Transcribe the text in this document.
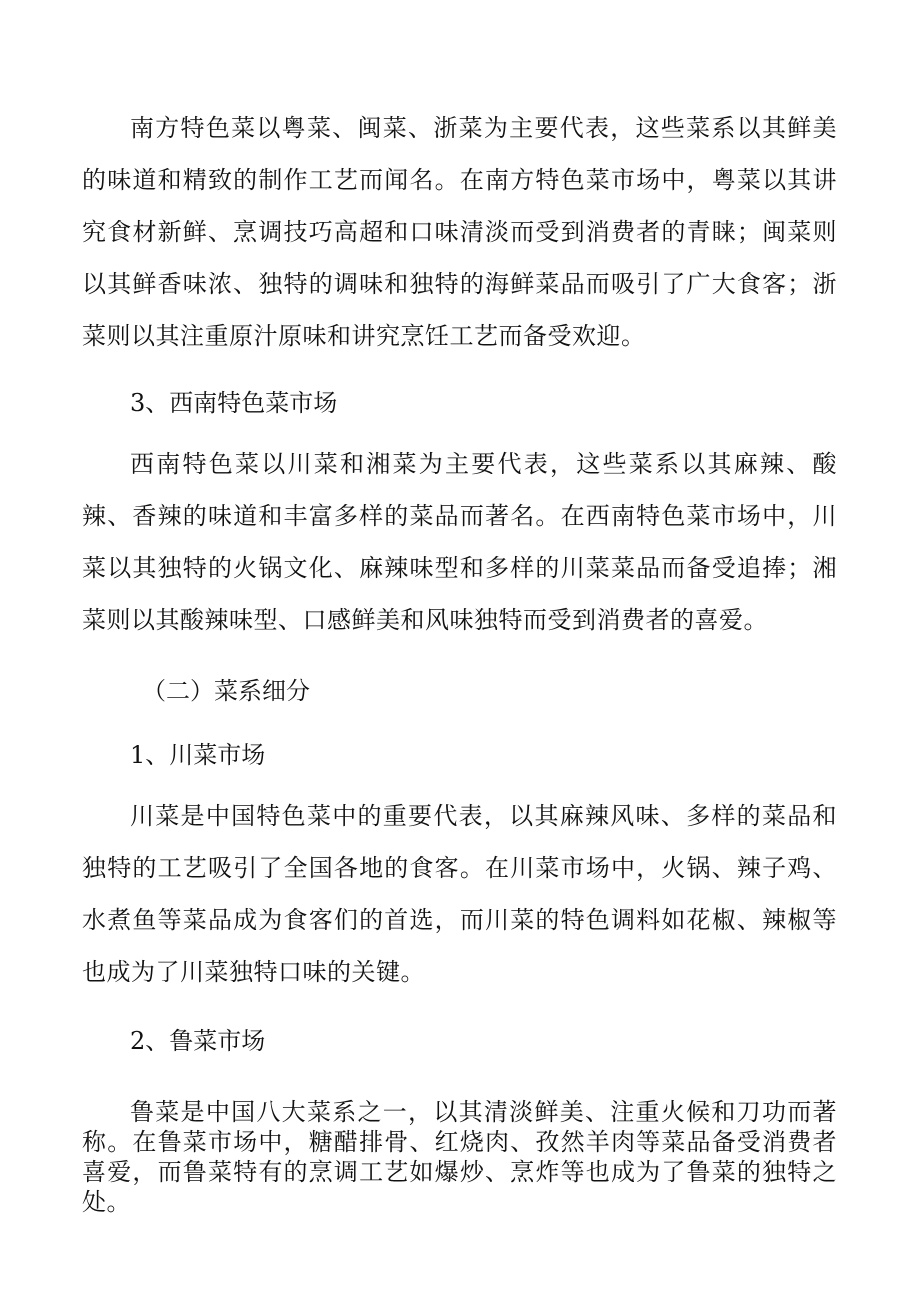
南方特色菜以粤菜、闽菜、浙菜为主要代表，这些菜系以其鲜美的味道和精致的制作工艺而闻名。在南方特色菜市场中，粤菜以其讲究食材新鲜、烹调技巧高超和口味清淡而受到消费者的青睐；闽菜则以其鲜香味浓、独特的调味和独特的海鲜菜品而吸引了广大食客；浙菜则以其注重原汁原味和讲究烹饪工艺而备受欢迎。

3、西南特色菜市场

西南特色菜以川菜和湘菜为主要代表，这些菜系以其麻辣、酸辣、香辣的味道和丰富多样的菜品而著名。在西南特色菜市场中，川菜以其独特的火锅文化、麻辣味型和多样的川菜菜品而备受追捧；湘菜则以其酸辣味型、口感鲜美和风味独特而受到消费者的喜爱。

（二）菜系细分
1、川菜市场

川菜是中国特色菜中的重要代表，以其麻辣风味、多样的菜品和独特的工艺吸引了全国各地的食客。在川菜市场中，火锅、辣子鸡、水煮鱼等菜品成为食客们的首选，而川菜的特色调料如花椒、辣椒等也成为了川菜独特口味的关键。

2、鲁菜市场

鲁菜是中国八大菜系之一，以其清淡鲜美、注重火候和刀功而著称。在鲁菜市场中，糖醋排骨、红烧肉、孜然羊肉等菜品备受消费者喜爱，而鲁菜特有的烹调工艺如爆炒、烹炸等也成为了鲁菜的独特之处。
